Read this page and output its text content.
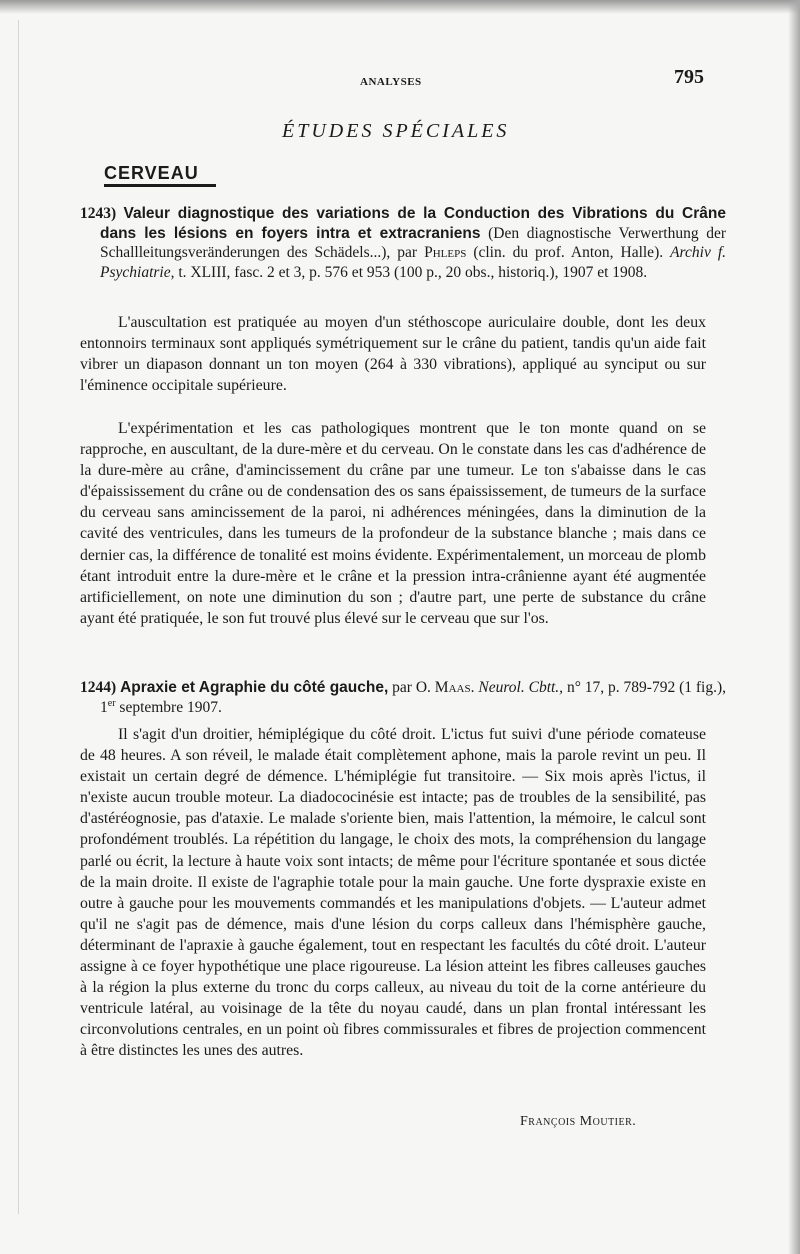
ANALYSES	795
ÉTUDES SPÉCIALES
CERVEAU
1243) Valeur diagnostique des variations de la Conduction des Vibrations du Crâne dans les lésions en foyers intra et extracraniens (Den diagnostische Verwerthung der Schallleitungsveränderungen des Schädels...), par Phleps (clin. du prof. Anton, Halle). Archiv f. Psychiatrie, t. XLIII, fasc. 2 et 3, p. 576 et 953 (100 p., 20 obs., historiq.), 1907 et 1908.

L'auscultation est pratiquée au moyen d'un stéthoscope auriculaire double, dont les deux entonnoirs terminaux sont appliqués symétriquement sur le crâne du patient, tandis qu'un aide fait vibrer un diapason donnant un ton moyen (264 à 330 vibrations), appliqué au synciput ou sur l'éminence occipitale supérieure.

L'expérimentation et les cas pathologiques montrent que le ton monte quand on se rapproche, en auscultant, de la dure-mère et du cerveau. On le constate dans les cas d'adhérence de la dure-mère au crâne, d'amincissement du crâne par une tumeur. Le ton s'abaisse dans le cas d'épaississement du crâne ou de condensation des os sans épaississement, de tumeurs de la surface du cerveau sans amincissement de la paroi, ni adhérences méningées, dans la diminution de la cavité des ventricules, dans les tumeurs de la profondeur de la substance blanche ; mais dans ce dernier cas, la différence de tonalité est moins évidente. Expérimentalement, un morceau de plomb étant introduit entre la dure-mère et le crâne et la pression intra-crânienne ayant été augmentée artificiellement, on note une diminution du son ; d'autre part, une perte de substance du crâne ayant été pratiquée, le son fut trouvé plus élevé sur le cerveau que sur l'os.

1244) Apraxie et Agraphie du côté gauche, par O. Maas. Neurol. Cbtt., n° 17, p. 789-792 (1 fig.), 1er septembre 1907.

Il s'agit d'un droitier, hémiplégique du côté droit. L'ictus fut suivi d'une période comateuse de 48 heures. A son réveil, le malade était complètement aphone, mais la parole revint un peu. Il existait un certain degré de démence. L'hémiplégie fut transitoire. — Six mois après l'ictus, il n'existe aucun trouble moteur. La diadococinésie est intacte; pas de troubles de la sensibilité, pas d'astéréognosie, pas d'ataxie. Le malade s'oriente bien, mais l'attention, la mémoire, le calcul sont profondément troublés. La répétition du langage, le choix des mots, la compréhension du langage parlé ou écrit, la lecture à haute voix sont intacts; de même pour l'écriture spontanée et sous dictée de la main droite. Il existe de l'agraphie totale pour la main gauche. Une forte dyspraxie existe en outre à gauche pour les mouvements commandés et les manipulations d'objets. — L'auteur admet qu'il ne s'agit pas de démence, mais d'une lésion du corps calleux dans l'hémisphère gauche, déterminant de l'apraxie à gauche également, tout en respectant les facultés du côté droit. L'auteur assigne à ce foyer hypothétique une place rigoureuse. La lésion atteint les fibres calleuses gauches à la région la plus externe du tronc du corps calleux, au niveau du toit de la corne antérieure du ventricule latéral, au voisinage de la tête du noyau caudé, dans un plan frontal intéressant les circonvolutions centrales, en un point où fibres commissurales et fibres de projection commencent à être distinctes les unes des autres.

François Moutier.
